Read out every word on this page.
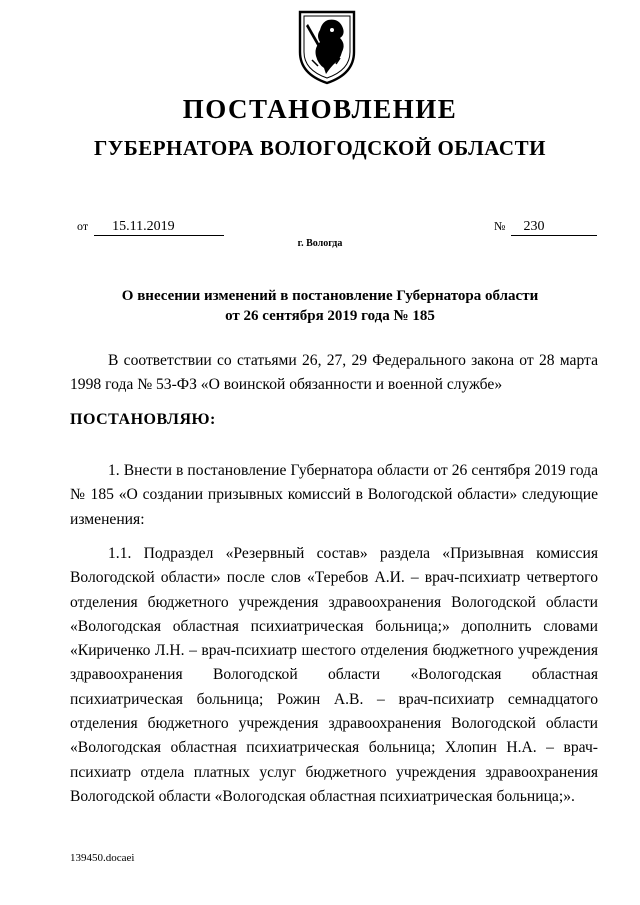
ПОСТАНОВЛЕНИЕ
ГУБЕРНАТОРА ВОЛОГОДСКОЙ ОБЛАСТИ
от 15.11.2019	№ 230
г. Вологда
О внесении изменений в постановление Губернатора области
от 26 сентября 2019 года № 185

В соответствии со статьями 26, 27, 29 Федерального закона от 28 марта 1998 года № 53-ФЗ «О воинской обязанности и военной службе»

ПОСТАНОВЛЯЮ:

1. Внести в постановление Губернатора области от 26 сентября 2019 года № 185 «О создании призывных комиссий в Вологодской области» следующие изменения:

1.1. Подраздел «Резервный состав» раздела «Призывная комиссия Вологодской области» после слов «Теребов А.И. – врач-психиатр четвертого отделения бюджетного учреждения здравоохранения Вологодской области «Вологодская областная психиатрическая больница;» дополнить словами «Кириченко Л.Н. – врач-психиатр шестого отделения бюджетного учреждения здравоохранения Вологодской области «Вологодская областная психиатрическая больница; Рожин А.В. – врач-психиатр семнадцатого отделения бюджетного учреждения здравоохранения Вологодской области «Вологодская областная психиатрическая больница; Хлопин Н.А. – врач-психиатр отдела платных услуг бюджетного учреждения здравоохранения Вологодской области «Вологодская областная психиатрическая больница;».

139450.docaei
